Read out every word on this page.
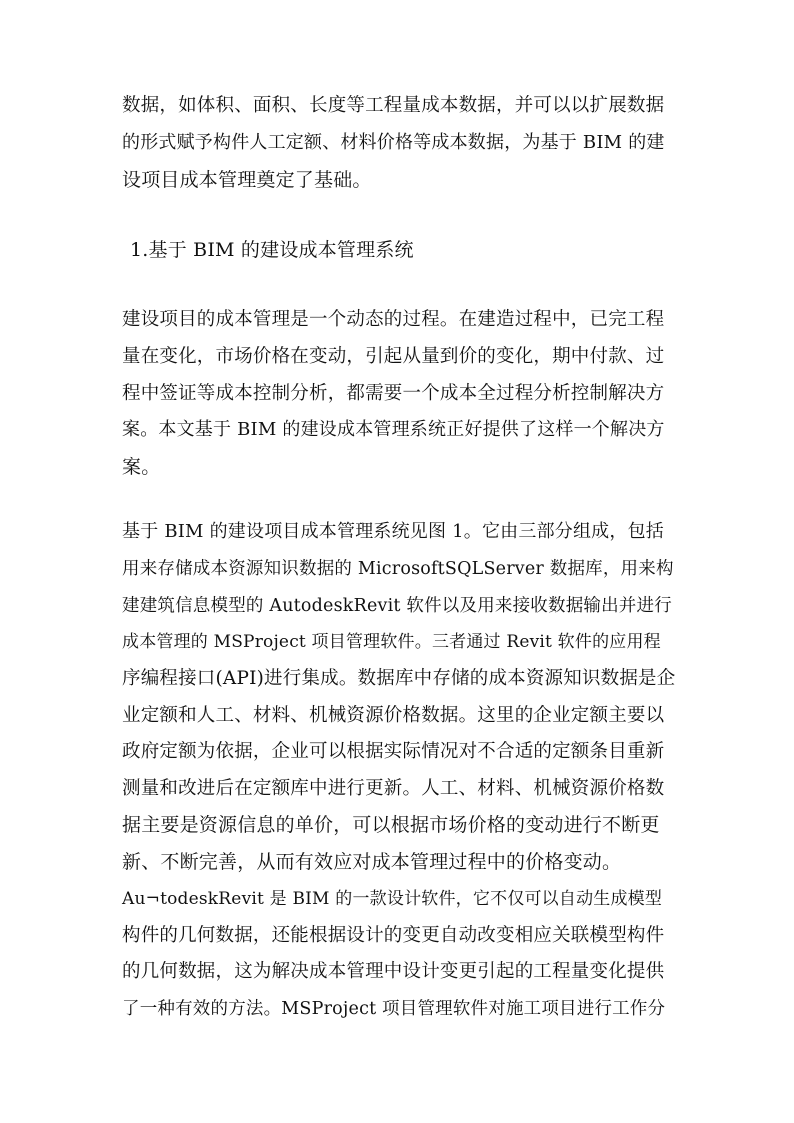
数据，如体积、面积、长度等工程量成本数据，并可以以扩展数据
的形式赋予构件人工定额、材料价格等成本数据，为基于 BIM 的建
设项目成本管理奠定了基础。
1.基于 BIM 的建设成本管理系统
建设项目的成本管理是一个动态的过程。在建造过程中，已完工程
量在变化，市场价格在变动，引起从量到价的变化，期中付款、过
程中签证等成本控制分析，都需要一个成本全过程分析控制解决方
案。本文基于 BIM 的建设成本管理系统正好提供了这样一个解决方
案。
基于 BIM 的建设项目成本管理系统见图 1。它由三部分组成，包括
用来存储成本资源知识数据的 MicrosoftSQLServer 数据库，用来构
建建筑信息模型的 AutodeskRevit 软件以及用来接收数据输出并进行
成本管理的 MSProject 项目管理软件。三者通过 Revit 软件的应用程
序编程接口(API)进行集成。数据库中存储的成本资源知识数据是企
业定额和人工、材料、机械资源价格数据。这里的企业定额主要以
政府定额为依据，企业可以根据实际情况对不合适的定额条目重新
测量和改进后在定额库中进行更新。人工、材料、机械资源价格数
据主要是资源信息的单价，可以根据市场价格的变动进行不断更
新、不断完善，从而有效应对成本管理过程中的价格变动。
Au¬todeskRevit 是 BIM 的一款设计软件，它不仅可以自动生成模型
构件的几何数据，还能根据设计的变更自动改变相应关联模型构件
的几何数据，这为解决成本管理中设计变更引起的工程量变化提供
了一种有效的方法。MSProject 项目管理软件对施工项目进行工作分
